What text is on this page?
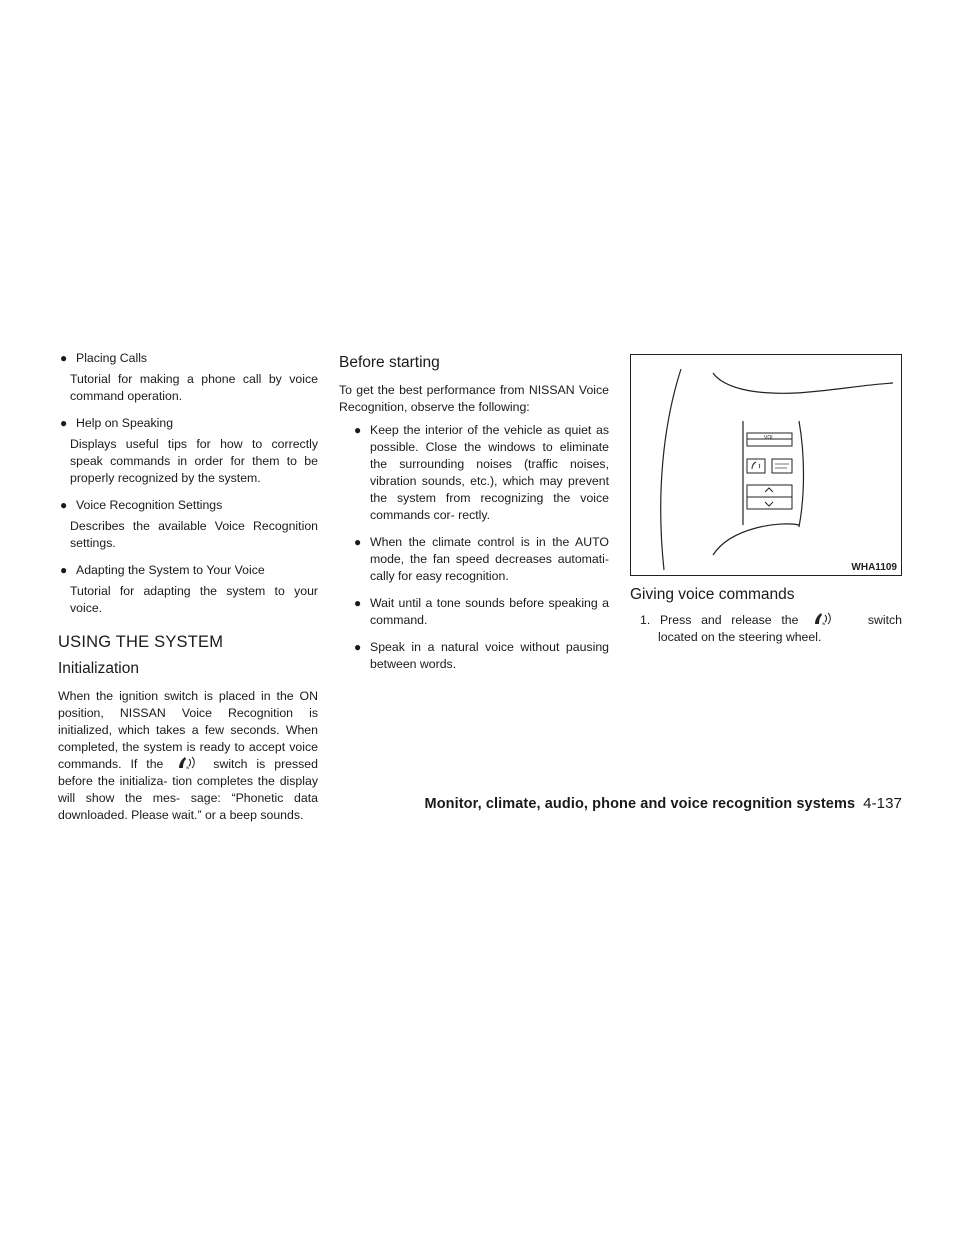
● Placing Calls

Tutorial for making a phone call by voice command operation.

● Help on Speaking

Displays useful tips for how to correctly speak commands in order for them to be properly recognized by the system.

● Voice Recognition Settings

Describes the available Voice Recognition settings.

● Adapting the System to Your Voice

Tutorial for adapting the system to your voice.

USING THE SYSTEM
Initialization

When the ignition switch is placed in the ON position, NISSAN Voice Recognition is initialized, which takes a few seconds. When completed, the system is ready to accept voice commands. If the	w switch is pressed before the initializa- tion completes the display will show the mes- sage: “Phonetic data downloaded. Please wait.” or a beep sounds.

Before starting

To get the best performance from NISSAN Voice Recognition, observe the following:

● Keep the interior of the vehicle as quiet as possible. Close the windows to eliminate the surrounding noises (traffic noises, vibration sounds, etc.), which may prevent the system from recognizing the voice commands cor- rectly.

● When the climate control is in the AUTO mode, the fan speed decreases automati- cally for easy recognition.

● Wait until a tone sounds before speaking a command.

● Speak in a natural voice without pausing between words.

WHA1109
VOL
Giving voice commands

1. Press and release the	w	switch located on the steering wheel.

Monitor, climate, audio, phone and voice recognition systems 4-137
